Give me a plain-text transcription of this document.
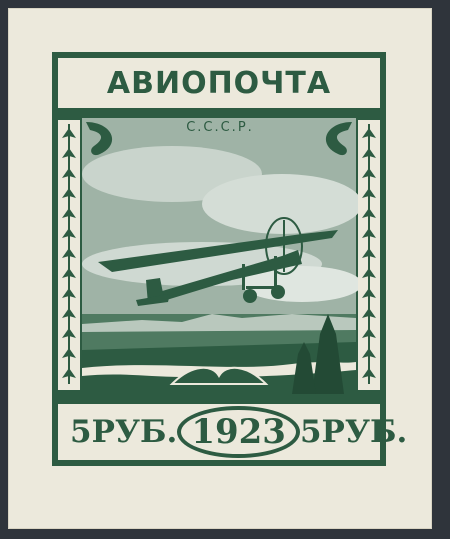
АВИОПОЧТА
С.С.С.Р.
5РУБ. 1923 5РУБ.
